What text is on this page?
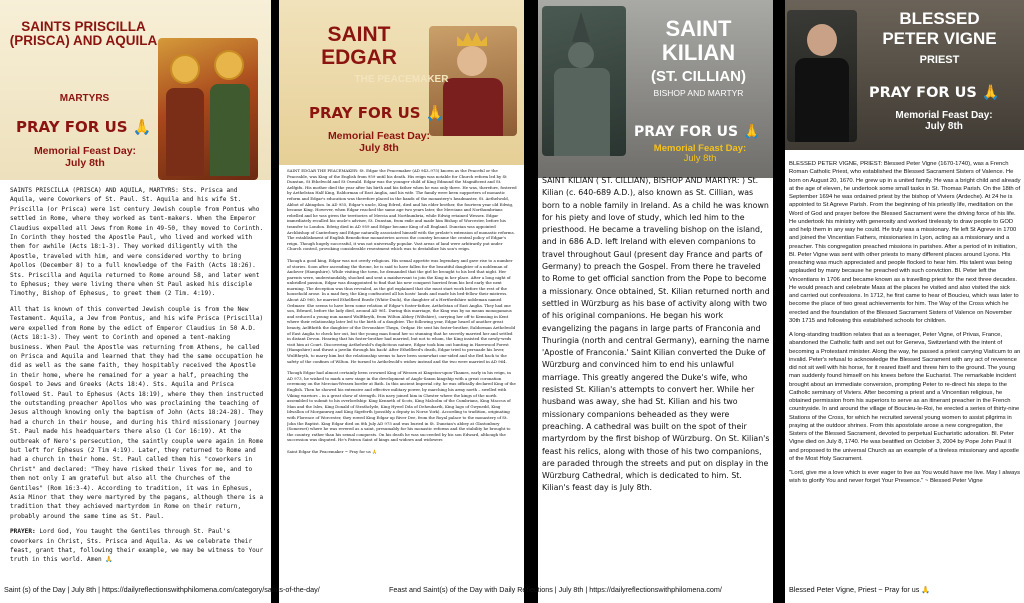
SAINTS PRISCILLA (PRISCA) AND AQUILA
MARTYRS
PRAY FOR US 🙏
Memorial Feast Day:
July 8th

SAINTS PRISCILLA (PRISCA) AND AQUILA, MARTYRS: Sts. Prisca and Aquila, were Coworkers of St. Paul. St. Aquila and his wife St. Priscilla (or Prisca) were 1st century Jewish couple from Pontus who settled in Rome, where they worked as tent-makers. When the Emperor Claudius expelled all Jews from Rome in 49-50, they moved to Corinth. In Corinth they hosted the Apostle Paul, who lived and worked with them for awhile (Acts 18:1-3). They worked diligently with the Apostle, traveled with him, and were considered worthy to bring Apollos (December 8) to a full knowledge of the Faith (Acts 18:26). Sts. Priscilla and Aquila returned to Rome around 58, and later went to Ephesus; they were living there when St Paul asked his disciple Timothy, Bishop of Ephesus, to greet them (2 Tim. 4:19).

All that is known of this converted Jewish couple is from the New Testament. Aquila, a Jew from Pontus, and his wife Prisca (Priscilla) were expelled from Rome by the edict of Emperor Claudius in 50 A.D. (Acts 18:1-3). They went to Corinth and opened a tent-making business. When Paul the Apostle was returning from Athens, he called on Prisca and Aquila and learned that they had the same occupation he did as well as the same faith, they hospitably received the Apostle in their home, where he remained for a year a half, preaching the Gospel to Jews and Greeks (Acts 18:4). Sts. Aquila and Prisca followed St. Paul to Ephesus (Acts 18:19), where they then instructed the outstanding preacher Apollos who was proclaiming the teaching of Jesus although knowing only the baptism of John (Acts 18:24-28). They had a church in their house, and during his third missionary journey St. Paul made his headquarters there also (1 Cor 16:19). At the outbreak of Nero's persecution, the saintly couple were again in Rome but left for Ephesus (2 Tim 4:19). Later, they returned to Rome and had a church in their home. St. Paul called them his "coworkers in Christ" and declared: "They have risked their lives for me, and to them not only I am grateful but also all the Churches of the Gentiles" (Rom 16:3-4). According to tradition, it was in Ephesus, Asia Minor that they were martyred by the pagans, although there is a tradition that they achieved martyrdom in Rome on their return, probably around the same time as St. Paul.

PRAYER: Lord God, You taught the Gentiles through St. Paul's coworkers in Christ, Sts. Prisca and Aquila. As we celebrate their feast, grant that, following their example, we may be witness to Your truth in this world. Amen 🙏

Saint (s) of the Day | July 8th | https://dailyreflectionswithphilomena.com/category/saints-of-the-day/
SAINT
EDGAR
THE PEACEMAKER
PRAY FOR US 🙏
Memorial Feast Day:
July 8th

SAINT EDGAR THE PEACEMAKER: St. Edgar the Peacemaker (AD 943–975) known as the Peaceful or the Peaceable, was King of the English from 959 until his death. His reign was notable for Church reform led by St Dunstan, St Ethelwold and St Oswald. Edgar was the younger child of King Edmund the Magnificent and St. Aelfgifu. His mother died the year after his birth and his father when he was only three. He was, therefore, fostered by Aethelstan Half King, Ealdorman of East Anglia, and his wife. The family were keen supporters of monastic reform and Edgar's education was therefore placed in the hands of the monastery's headmaster, St. Aethelwold, Abbot of Abingdon. In AD 955, Edgar's uncle, King Edred, died and his elder brother, the fourteen year old Edwig, became King. However, when Edgar reached the same age two years later, the Mercians and Northumbrians rebelled and he was given the territories of Mercia and Northumbria, while Edwig retained Wessex. Edgar immediately recalled his uncle's adviser, St. Dunstan, from exile and made him Bishop of Worcester, before his transfer to London. Edwig died in AD 959 and Edgar became King of all England. Dunstan was appointed Archbishop of Canterbury and Edgar naturally associated himself with the prelate's extension of monastic reforms. The establishment of English Benedictine monasteries across the country became the central policy of Edgar's reign. Though hugely successful, it was not universally popular. Vast areas of land were arbitrarily put under Church control, provoking considerable resentment which was to destabilize his son's reign.

Though a good king, Edgar was not overly religious. His sexual appetite was legendary and gave rise to a number of stories. Soon after ascending the throne, he is said to have fallen for the beautiful daughter of a nobleman of Andover (Hampshire). While visiting the town, he demanded that the girl be brought to his bed that night. Her parents were, understandably, shocked and sent a maidservant to join the King in her place. After a long night of unbridled passion, Edgar was disappointed to find that his new conquest hurried from his bed early the next morning. The deception was thus revealed, as the girl explained that she must start work before the rest of the household arose. In a mad fury, the King confiscated all his hosts' lands and made his bed-fellow their mistress. About AD 960, he married Ethelfleed Enede (White-Duck), the daughter of a Hertfordshire nobleman named Ordmaer. She seems to have been some relation of Edgar's foster-father, Aethelstan of East Anglia. They had one son, Edward, before the lady died, around AD 961. During this marriage, the King was by no means monogamous and seduced a young nun named Wulfthryth, from Wilton Abbey (Wiltshire), carrying her off to Kemsing in Kent where their relationship later led to the birth of a daughter. The following year, Edgar heard of another great beauty, Aelfthrith the daughter of the Devonshire Thegn, Ordgar. He sent his foster-brother, Ealdorman Aethelwold of East Anglia to check her out, but the young man found her so stunning that he secretly married her and settled in distant Devon. Hearing that his foster-brother had married, but not to whom, the King insisted the newly-weds visit him at Court. Discovering Aethelwold's duplicitous nature, Edgar took him out hunting in Harewood Forest (Hampshire) and thrust a javelin through his back! After Ethelfleed's death, Edgar tried to persuade his lover, Wulfthryth, to marry him but the relationship seems to have been somewhat one-sided and she fled back to the safety of the confines of Wilton. He turned to Aethelwold's widow instead and the two were married in AD 964.

Though Edgar had almost certainly been crowned King of Wessex at Kingston-upon-Thames, early in his reign, in AD 973, he wished to mark a new stage in the development of Anglo-Saxon kingship with a great coronation ceremony on the Mercian-Wessex border at Bath. In this ancient Imperial city, he was officially declared King of the English. Then he showed his extensive and effective military power, by marching his army north – swelled with Viking warriors – in a great show of strength. His navy joined him in Chester where the kings of the north assembled to submit to his overlordship: King Kenneth of Scots, King Malcolm of the Cumbrians, King Maccus of Man and the Isles, King Donald of Strathclyde, King Hywel Dda of Deheubarth, King Iago of Gwynedd, King Idwallon of Morgannwg and King Sigeferth (possibly a deputy in Norse York). According to tradition, originating with Florence of Worcester, they rowed King Edgar up River Dee, from the Royal palace to the monastery of St. John the Baptist. King Edgar died on 8th July AD 975 and was buried in St. Dunstan's abbey at Glastonbury (Somerset) where he was revered as a saint, presumably for his monastic reforms and the stability he brought to the country, rather than his sexual conquests. On his death he was succeeded by his son Edward, although the succession was disputed. He's Patron Saint of kings and widows and widowers

Saint Edgar the Peacemaker ~ Pray for us 🙏

SAINT
KILIAN
(ST. CILLIAN)
BISHOP AND MARTYR
PRAY FOR US 🙏
Memorial Feast Day:
July 8th

SAINT KILIAN ( ST. CILLIAN), BISHOP AND MARTYR: ) St. Kilian (c. 640-689 A.D.), also known as St. Cillian, was born to a noble family in Ireland. As a child he was known for his piety and love of study, which led him to the priesthood. He became a traveling bishop on the island, and in 686 A.D. left Ireland with eleven companions to travel throughout Gaul (present day France and parts of Germany) to preach the Gospel. From there he traveled to Rome to get official sanction from the Pope to become a missionary. Once obtained, St. Kilian returned north and settled in Würzburg as his base of activity along with two of his original companions. He began his work evangelizing the pagans in large parts of Franconia and Thuringia (north and central Germany), earning the name 'Apostle of Franconia.' Saint Kilian converted the Duke of Würzburg and convinced him to end his unlawful marriage. This greatly angered the Duke's wife, who resisted St. Kilian's attempts to convert her. While her husband was away, she had St. Kilian and his two missionary companions beheaded as they were preaching. A cathedral was built on the spot of their martyrdom by the first bishop of Würzburg. On St. Kilian's feast his relics, along with those of his two companions, are paraded through the streets and put on display in the Würzburg Cathedral, which is dedicated to him. St. Kilian's feast day is July 8th.

Feast and Saint(s) of the Day with Daily Reflections | July 8th | https://dailyreflectionswithphilomena.com/
BLESSED
PETER VIGNE
PRIEST
PRAY FOR US 🙏
Memorial Feast Day:
July 8th

BLESSED PETER VIGNE, PRIEST: Blessed Peter Vigne (1670-1740), was a French Roman Catholic Priest, who established the Blessed Sacrament Sisters of Valence. He born on August 20, 1670. He grew up in a united family. He was a bright child and already at the age of eleven, he undertook some small tasks in St. Thomas Parish. On the 18th of September 1694 he was ordained priest by the bishop of Viviers (Ardeche). At 24 he is appointed to St Agreve Parish. From the beginning of his priestly life, meditation on the Word of God and prayer before the Blessed Sacrament were the driving force of his life. He undertook his ministry with generosity and worked tirelessly to draw people to GOD and help them in any way he could. He truly was a missionary. He left St Agreve in 1700 and joined the Vincentian Fathers, missionaries in Lyon, acting as a missionary and a preacher. This congregation preached missions in parishes. After a period of in initiation, Bl. Peter Vigne was sent with other priests to many different places around Lyons. His preaching was much appreciated and people flocked to hear him. His talent was being applauded by many because he preached with such conviction. Bl. Peter left the Vincentians in 1706 and became known as a travelling priest for the next three decades. He would preach and celebrate Mass at the places he visited and also visited the sick and carried out confessions. In 1712, he first came to hear of Boucieu, which was later to become the place of two great achievements for him. The Way of the Cross which he erected and the foundation of the Blessed Sacrament Sisters of Valence on November 30th 1715 and following this established schools for children.

A long-standing tradition relates that as a teenager, Peter Vigne, of Privas, France, abandoned the Catholic faith and set out for Geneva, Switzerland with the intent of becoming a Protestant minister. Along the way, he passed a priest carrying Viaticum to an invalid. Peter's refusal to acknowledge the Blessed Sacrament with any act of reverence did not sit well with his horse, for it reared itself and threw him to the ground. The young man suddenly found himself on his knees before the Eucharist. The remarkable incident brought about an immediate conversion, prompting Peter to re-direct his steps to the Catholic seminary of Viviers. After becoming a priest and a Vincentian religious, he obtained permission from his superiors to serve as an itinerant preacher in the French countryside. In and around the village of Boucieu-le-Roi, he erected a series of thirty-nine Stations of the Cross, for which he recruited several young women to assist pilgrims in praying at the outdoor shrines. From this apostolate arose a new congregation, the Sisters of the Blessed Sacrament, devoted to perpetual Eucharistic adoration. Bl. Peter Vigne died on July 8, 1740. He was beatified on October 3, 2004 by Pope John Paul II and proposed to the universal Church as an example of a tireless missionary and apostle of the Most Holy Sacrament.

"Lord, give me a love which is ever eager to live as You would have me live. May I always wish to glorify You and never forget Your Presence." ~ Blessed Peter Vigne

Blessed Peter Vigne, Priest ~ Pray for us 🙏
